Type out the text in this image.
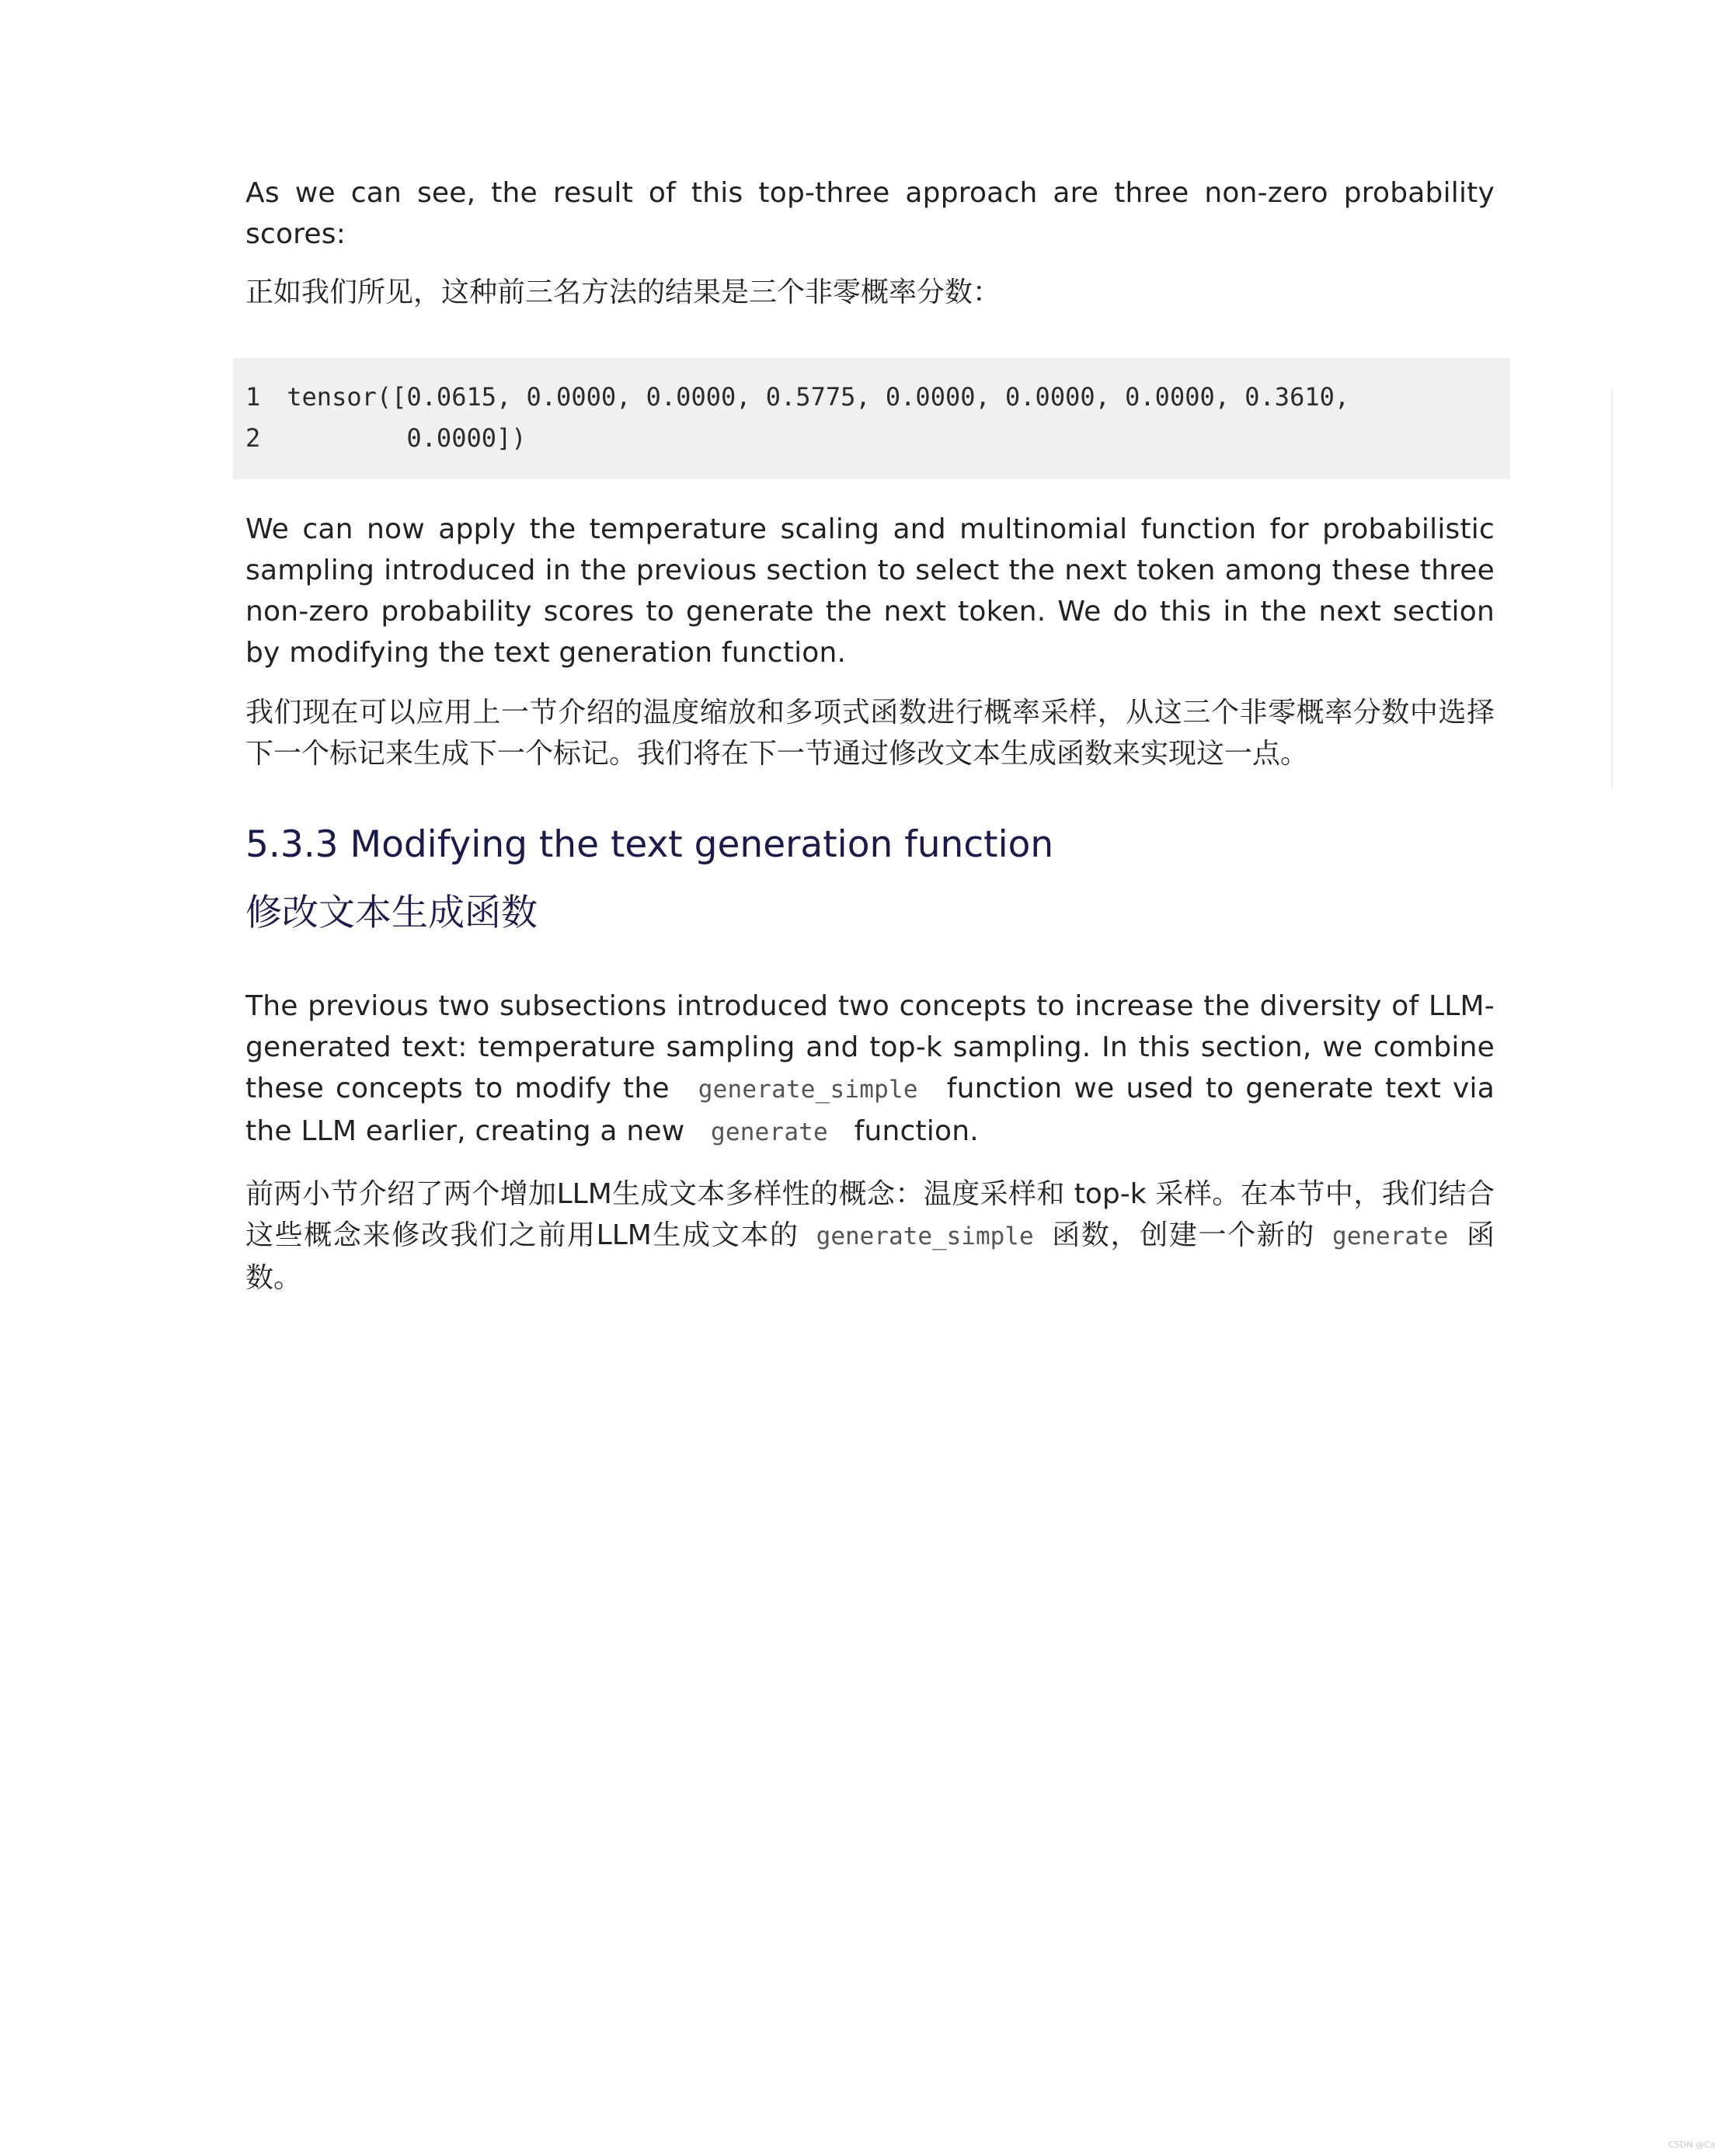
As we can see, the result of this top-three approach are three non-zero probability scores:

正如我们所见，这种前三名方法的结果是三个非零概率分数：

1 tensor([0.0615, 0.0000, 0.0000, 0.5775, 0.0000, 0.0000, 0.0000, 0.3610,
2         0.0000])

We can now apply the temperature scaling and multinomial function for probabilistic sampling introduced in the previous section to select the next token among these three non-zero probability scores to generate the next token. We do this in the next section by modifying the text generation function.

我们现在可以应用上一节介绍的温度缩放和多项式函数进行概率采样，从这三个非零概率分数中选择下一个标记来生成下一个标记。我们将在下一节通过修改文本生成函数来实现这一点。

5.3.3 Modifying the text generation function
修改文本生成函数

The previous two subsections introduced two concepts to increase the diversity of LLM-generated text: temperature sampling and top-k sampling. In this section, we combine these concepts to modify the generate_simple function we used to generate text via the LLM earlier, creating a new generate function.

前两小节介绍了两个增加LLM生成文本多样性的概念：温度采样和 top-k 采样。在本节中，我们结合这些概念来修改我们之前用LLM生成文本的 generate_simple 函数，创建一个新的 generate 函数。

CSDN @Ca
